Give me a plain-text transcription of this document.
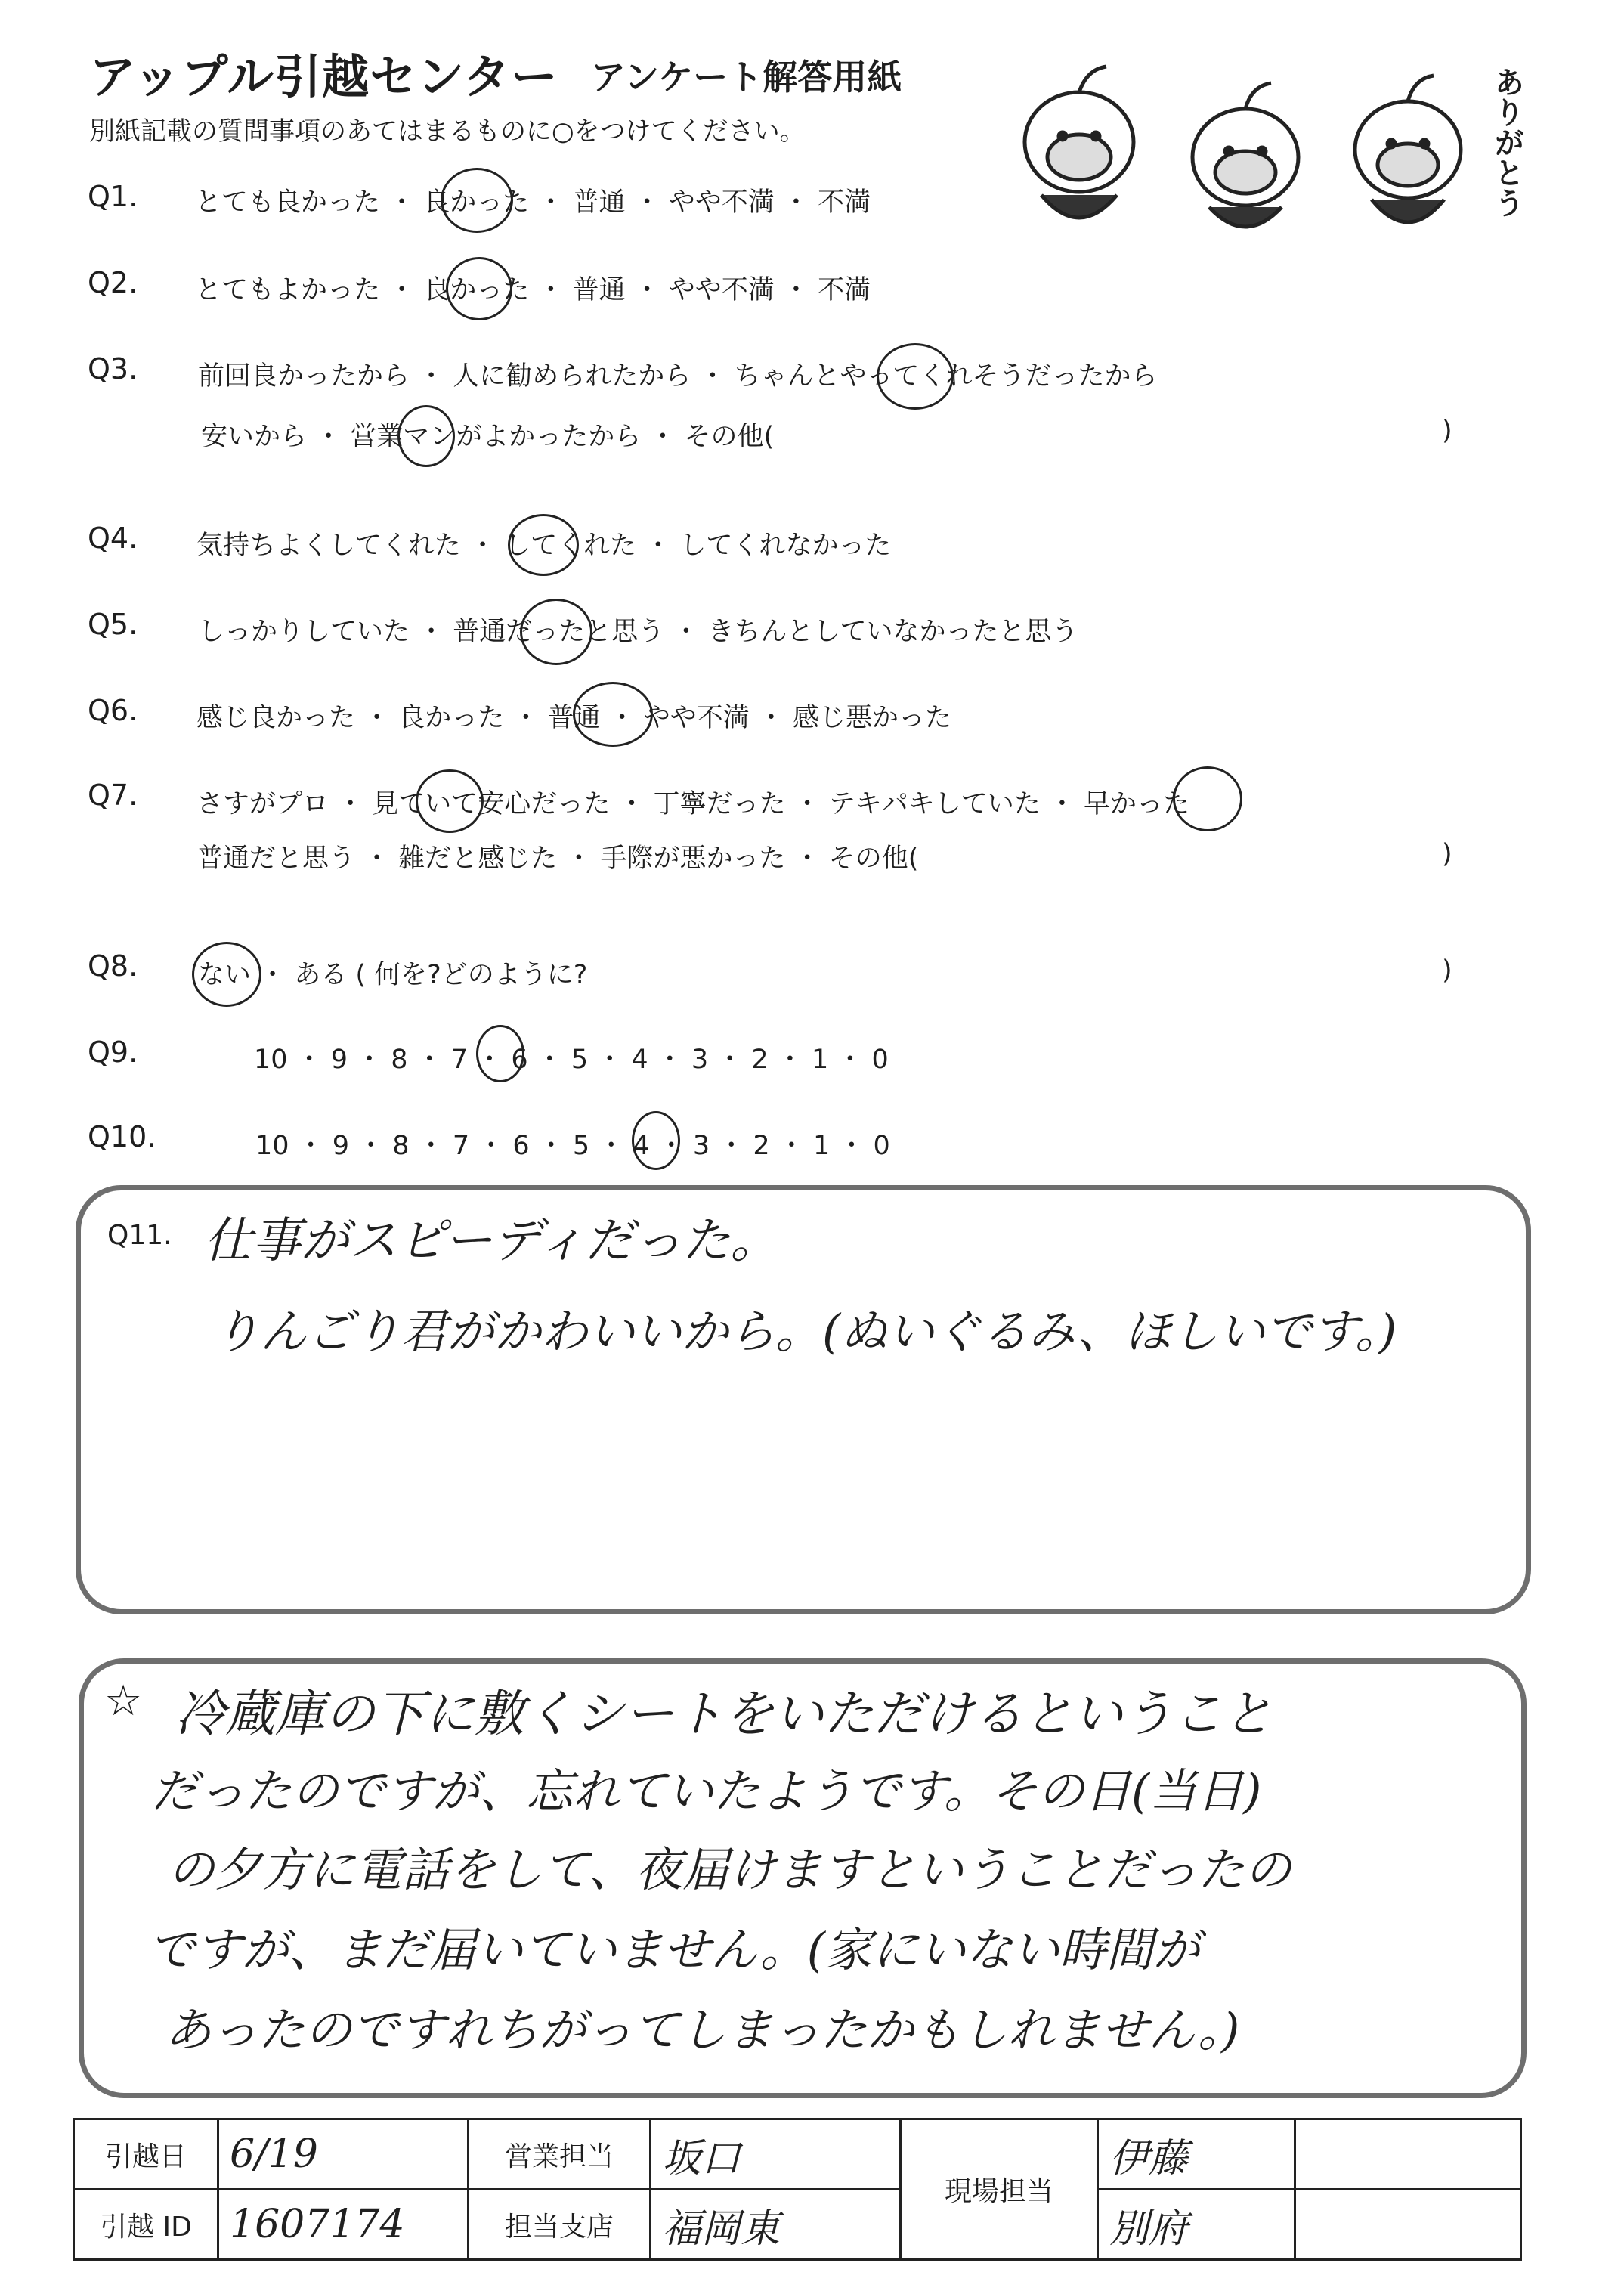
アップル引越センター アンケート解答用紙
別紙記載の質問事項のあてはまるものに○をつけてください。	ありがとう
Q1. とても良かった ・ 良かった ・ 普通 ・ やや不満 ・ 不満
Q2. とてもよかった ・ 良かった ・ 普通 ・ やや不満 ・ 不満
Q3. 前回良かったから ・ 人に勧められたから ・ ちゃんとやってくれそうだったから
安いから ・ 営業マンがよかったから ・ その他(	)
Q4. 気持ちよくしてくれた ・ してくれた ・ してくれなかった
Q5. しっかりしていた ・ 普通だったと思う ・ きちんとしていなかったと思う
Q6. 感じ良かった ・ 良かった ・ 普通 ・ やや不満 ・ 感じ悪かった
Q7. さすがプロ ・ 見ていて安心だった ・ 丁寧だった ・ テキパキしていた ・ 早かった
普通だと思う ・ 雑だと感じた ・ 手際が悪かった ・ その他(	)
Q8. ない ・ ある ( 何を?どのように?	)
Q9.	10 ・ 9 ・ 8 ・ 7 ・ 6 ・ 5 ・ 4 ・ 3 ・ 2 ・ 1 ・ 0
Q10.	10 ・ 9 ・ 8 ・ 7 ・ 6 ・ 5 ・ 4 ・ 3 ・ 2 ・ 1 ・ 0
Q11. 仕事がスピーディだった。
りんごり君がかわいいから。(ぬいぐるみ、ほしいです。)
☆ 冷蔵庫の下に敷くシートをいただけるということ
だったのですが、忘れていたようです。その日(当日)
の夕方に電話をして、夜届けますということだったの
ですが、まだ届いていません。(家にいない時間が
あったのですれちがってしまったかもしれません。)
引越日	6/19	営業担当	坂口	現場担当	伊藤	
引越 ID	1607174	担当支店	福岡東		別府	
